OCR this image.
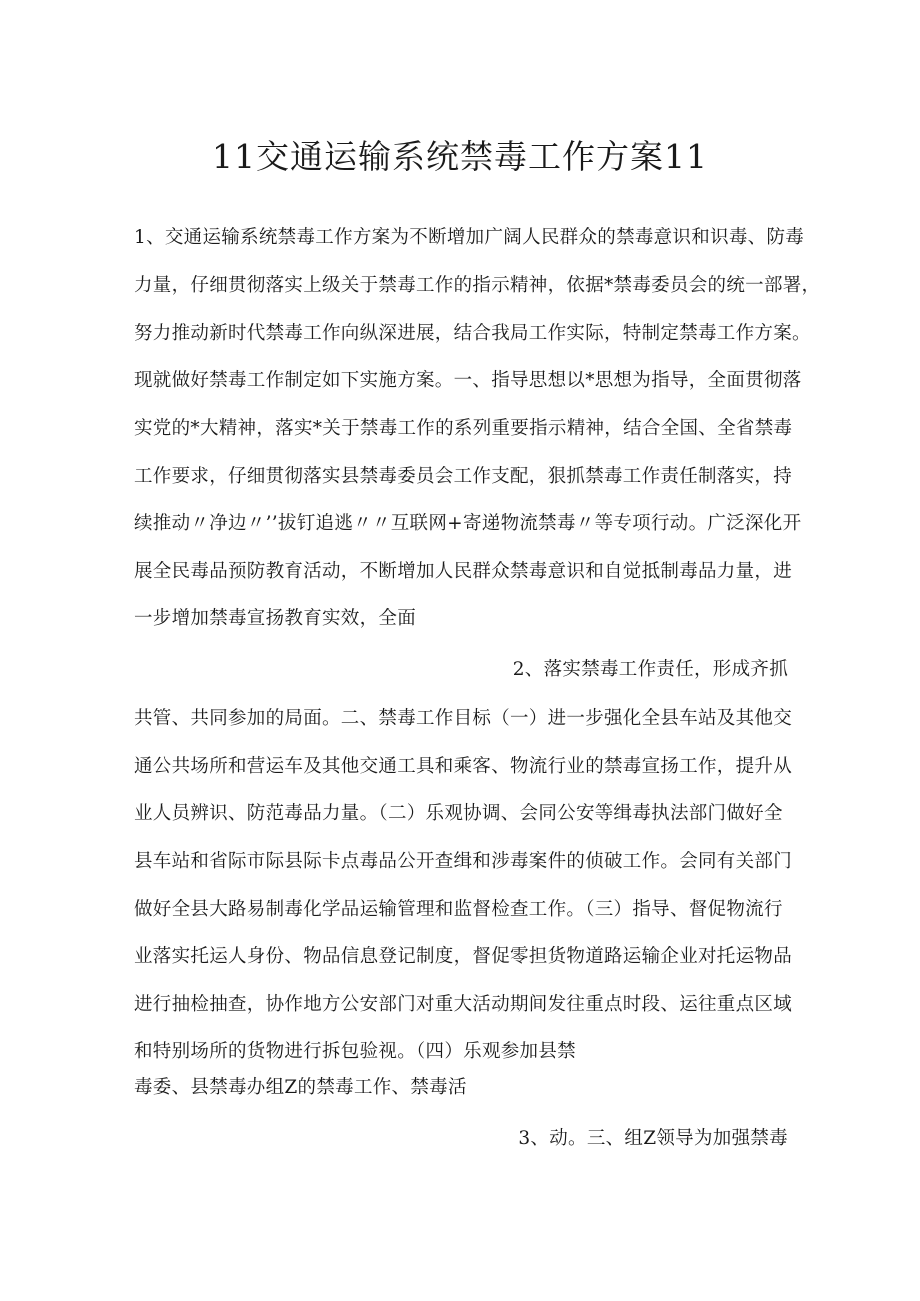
11交通运输系统禁毒工作方案11
1、交通运输系统禁毒工作方案为不断增加广阔人民群众的禁毒意识和识毒、防毒
力量，仔细贯彻落实上级关于禁毒工作的指示精神，依据*禁毒委员会的统一部署，
努力推动新时代禁毒工作向纵深进展，结合我局工作实际，特制定禁毒工作方案。
现就做好禁毒工作制定如下实施方案。一、指导思想以*思想为指导，全面贯彻落
实党的*大精神，落实*关于禁毒工作的系列重要指示精神，结合全国、全省禁毒
工作要求，仔细贯彻落实县禁毒委员会工作支配，狠抓禁毒工作责任制落实，持
续推动〃净边〃’’拔钉追逃〃〃互联网+寄递物流禁毒〃等专项行动。广泛深化开
展全民毒品预防教育活动，不断增加人民群众禁毒意识和自觉抵制毒品力量，进
一步增加禁毒宣扬教育实效，全面
2、落实禁毒工作责任，形成齐抓
共管、共同参加的局面。二、禁毒工作目标（一）进一步强化全县车站及其他交
通公共场所和营运车及其他交通工具和乘客、物流行业的禁毒宣扬工作，提升从
业人员辨识、防范毒品力量。（二）乐观协调、会同公安等缉毒执法部门做好全
县车站和省际市际县际卡点毒品公开查缉和涉毒案件的侦破工作。会同有关部门
做好全县大路易制毒化学品运输管理和监督检查工作。（三）指导、督促物流行
业落实托运人身份、物品信息登记制度，督促零担货物道路运输企业对托运物品
进行抽检抽查，协作地方公安部门对重大活动期间发往重点时段、运往重点区域
和特别场所的货物进行拆包验视。（四）乐观参加县禁
毒委、县禁毒办组Z的禁毒工作、禁毒活
3、动。三、组Z领导为加强禁毒
